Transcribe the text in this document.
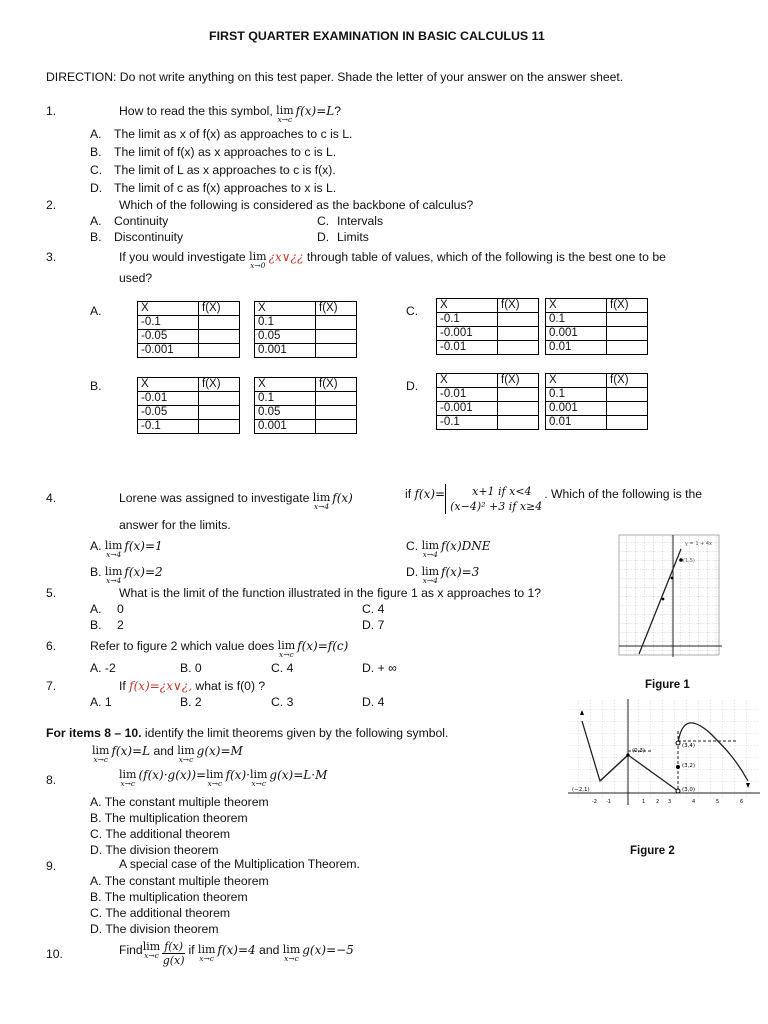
FIRST QUARTER EXAMINATION IN BASIC CALCULUS 11
DIRECTION: Do not write anything on this test paper. Shade the letter of your answer on the answer sheet.
1.	How to read the this symbol, lim
x→c
f(x)=L?
A. The limit as x of f(x) as approaches to c is L.
B. The limit of f(x) as x approaches to c is L.
C. The limit of L as x approaches to c is f(x).
D. The limit of c as f(x) approaches to x is L.
2.	Which of the following is considered as the backbone of calculus?
A. Continuity
B. Discontinuity
C. Intervals
D. Limits
3.	If you would investigate lim
x→0
¿x∨¿¿ through table of values, which of the following is the best one to be
used?
A.
B.
C.
D.
X	f(X)
-0.1	
-0.05	
-0.001	
X	f(X)
0.1	
0.05	
0.001	
X	f(X)
-0.01	
-0.05	
-0.1	
X	f(X)
0.1	
0.05	
0.001	
X	f(X)
-0.1	
-0.001	
-0.01	
X	f(X)
0.1	
0.001	
0.01	
X	f(X)
-0.01	
-0.001	
-0.1	
X	f(X)
0.1	
0.001	
0.01	
4.	Lorene was assigned to investigate lim
x→4
f(x)	if f(x)=	x+1 if x<4
(x−4)² +3 if x≥4
. Which of the following is the
answer for the limits.
A. lim
x→4
f(x)=1
B. lim
x→4
f(x)=2
C. lim
x→4
f(x)DNE
D. lim
x→4
f(x)=3
5.	What is the limit of the function illustrated in the figure 1 as x approaches to 1?
A. 0
B. 2
C. 4
D. 7
6.	Refer to figure 2 which value does lim
x→c
f(x)=f(c)
A. -2	B. 0	C. 4	D. + ∞
7.	If f(x)=¿x∨¿, what is f(0) ?
A. 1	B. 2	C. 3	D. 4
For items 8 – 10. identify the limit theorems given by the following symbol.
lim
x→c
f(x)=L and lim
x→c
g(x)=M
8.	lim
x→c
(f(x)·g(x))=lim
x→c
f(x)·lim
x→c
g(x)=L·M
A. The constant multiple theorem
B. The multiplication theorem
C. The additional theorem
D. The division theorem
9.	A special case of the Multiplication Theorem.
A. The constant multiple theorem
B. The multiplication theorem
C. The additional theorem
D. The division theorem
10.	Findlim
$x\to c \frac{f(x)}{g(x)}$ if lim
x→c
f(x)=4 and lim
x→c
g(x)=−5
y = 1 + 4x
(1,5)
Figure 1
-2 -1	1 2 3	4	5	6
(0,3)
(3,4)
(3,2)
(−2,1)	(3,0)
Figure 2
